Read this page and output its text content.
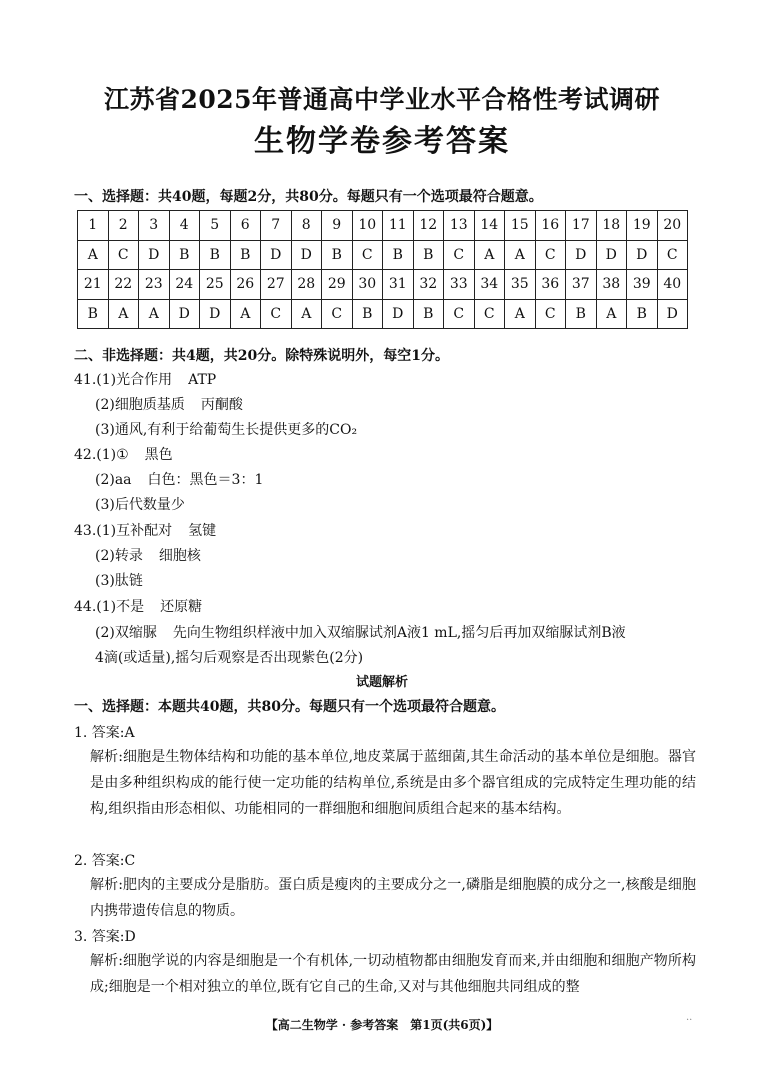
江苏省2025年普通高中学业水平合格性考试调研
生物学卷参考答案
一、选择题：共40题，每题2分，共80分。每题只有一个选项最符合题意。
1	2	3	4	5	6	7	8	9	10	11	12	13	14	15	16	17	18	19	20
A	C	D	B	B	B	D	D	B	C	B	B	C	A	A	C	D	D	D	C
21	22	23	24	25	26	27	28	29	30	31	32	33	34	35	36	37	38	39	40
B	A	A	D	D	A	C	A	C	B	D	B	C	C	A	C	B	A	B	D
二、非选择题：共4题，共20分。除特殊说明外，每空1分。
41.(1)光合作用 ATP
(2)细胞质基质 丙酮酸
(3)通风,有利于给葡萄生长提供更多的CO₂
42.(1)① 黑色
(2)aa 白色：黑色＝3：1
(3)后代数量少
43.(1)互补配对 氢键
(2)转录 细胞核
(3)肽链
44.(1)不是 还原糖
(2)双缩脲 先向生物组织样液中加入双缩脲试剂A液1 mL,摇匀后再加双缩脲试剂B液
4滴(或适量),摇匀后观察是否出现紫色(2分)
试题解析
一、选择题：本题共40题，共80分。每题只有一个选项最符合题意。
1. 答案:A
解析:细胞是生物体结构和功能的基本单位,地皮菜属于蓝细菌,其生命活动的基本单位是细胞。器官是由多种组织构成的能行使一定功能的结构单位,系统是由多个器官组成的完成特定生理功能的结构,组织指由形态相似、功能相同的一群细胞和细胞间质组合起来的基本结构。
2. 答案:C
解析:肥肉的主要成分是脂肪。蛋白质是瘦肉的主要成分之一,磷脂是细胞膜的成分之一,核酸是细胞内携带遗传信息的物质。
3. 答案:D
解析:细胞学说的内容是细胞是一个有机体,一切动植物都由细胞发育而来,并由细胞和细胞产物所构成;细胞是一个相对独立的单位,既有它自己的生命,又对与其他细胞共同组成的整
【高二生物学 · 参考答案　第1页(共6页)】
..
